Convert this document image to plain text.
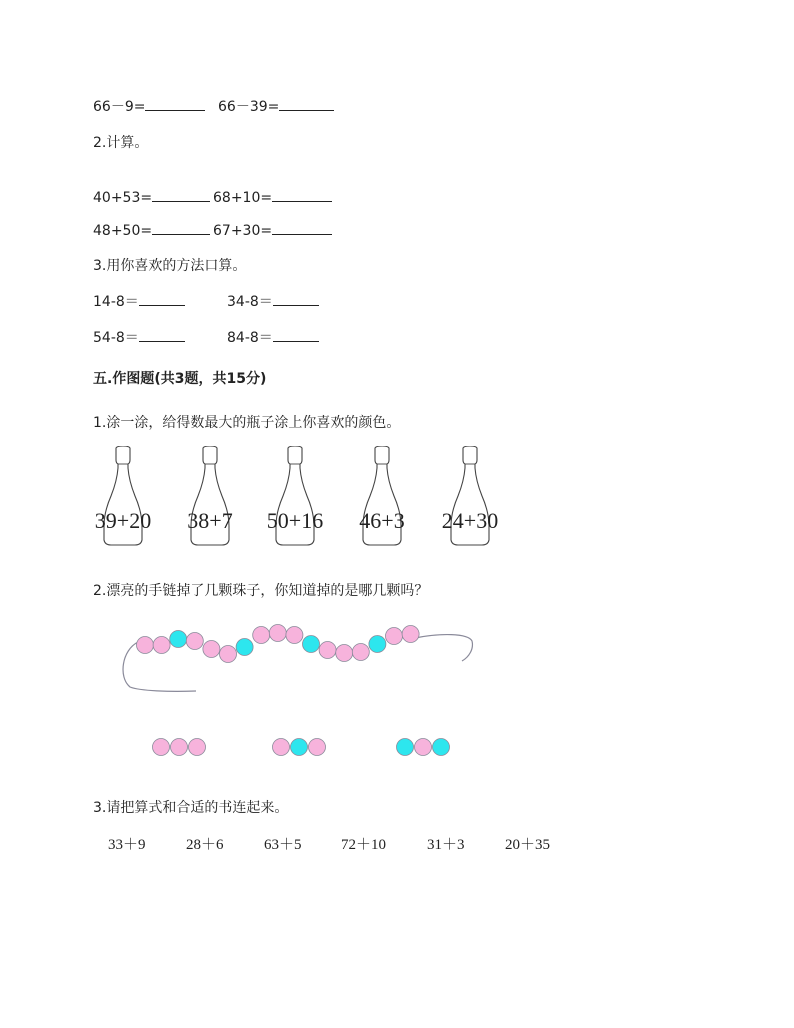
66－9=	66－39=
2.计算。
40+53=	68+10=
48+50=	67+30=
3.用你喜欢的方法口算。
14-8＝	34-8＝
54-8＝	84-8＝
五.作图题(共3题，共15分)
1.涂一涂，给得数最大的瓶子涂上你喜欢的颜色。
39+20	38+7	50+16	46+3	24+30
2.漂亮的手链掉了几颗珠子，你知道掉的是哪几颗吗？
3.请把算式和合适的书连起来。
33＋9	28＋6	63＋5	72＋10	31＋3	20＋35
